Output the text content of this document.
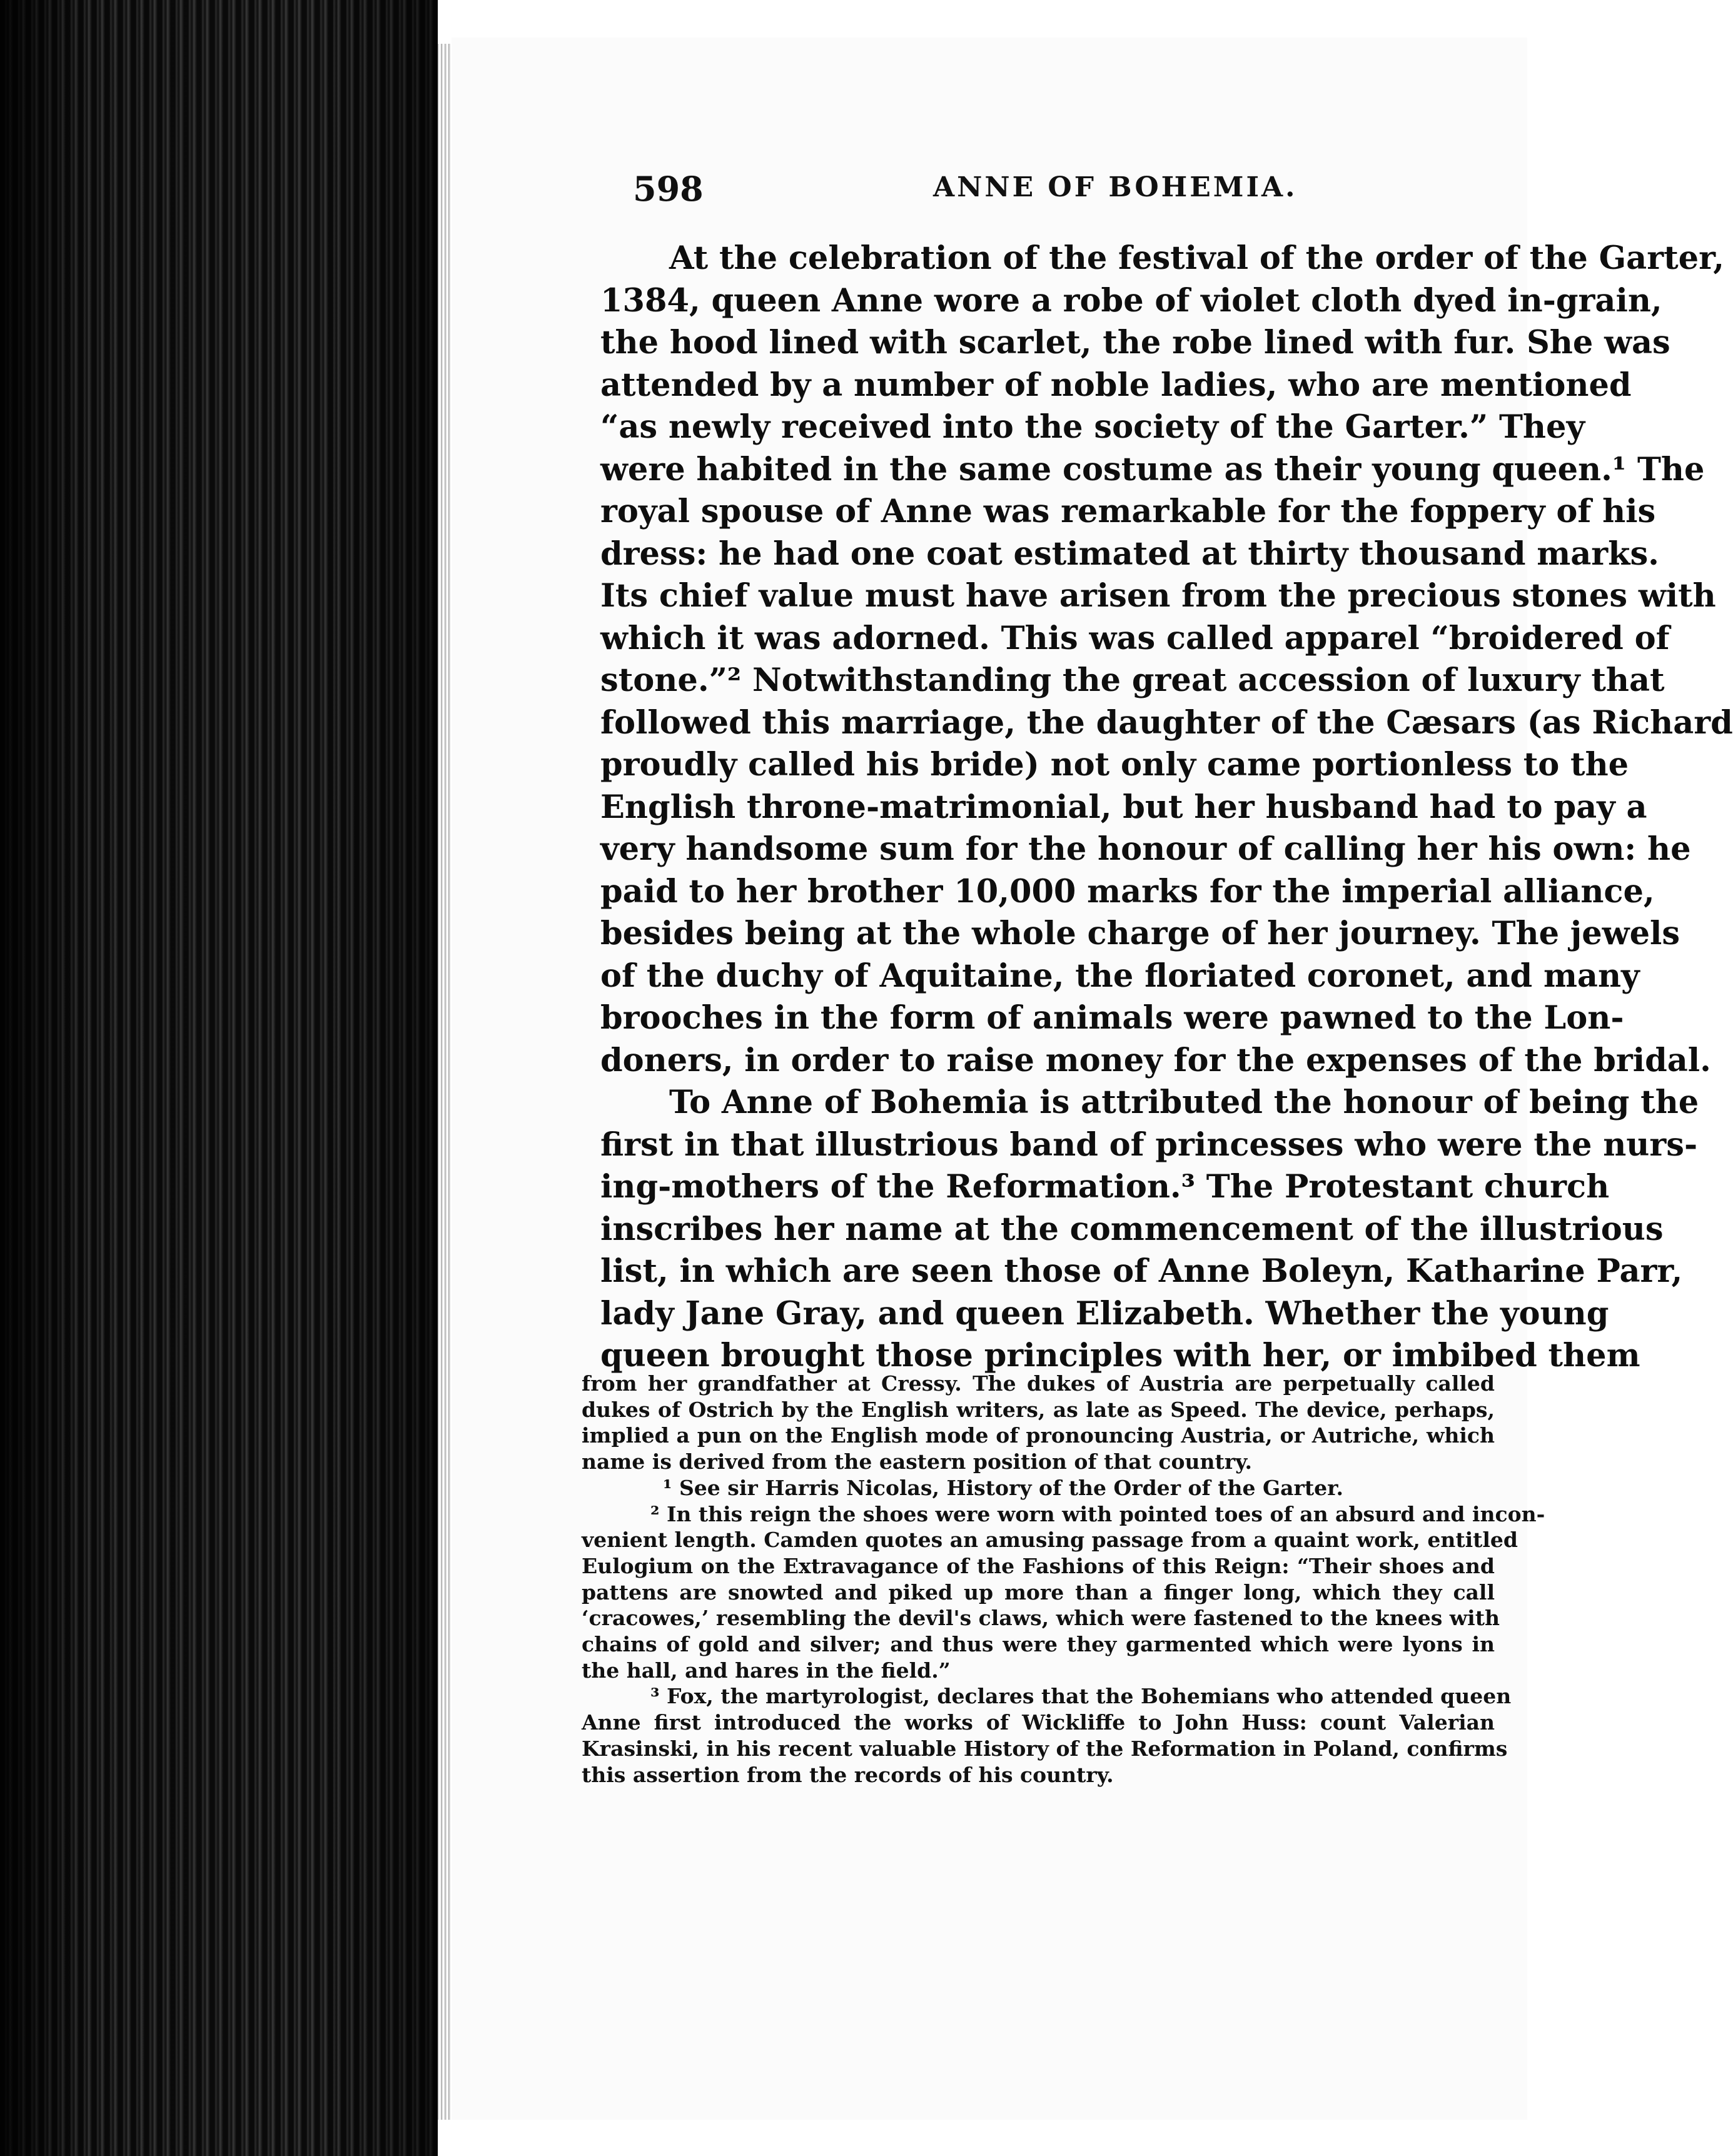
598	ANNE OF BOHEMIA.
At the celebration of the festival of the order of the Garter,
1384, queen Anne wore a robe of violet cloth dyed in-grain,
the hood lined with scarlet, the robe lined with fur. She was
attended by a number of noble ladies, who are mentioned
“as newly received into the society of the Garter.” They
were habited in the same costume as their young queen.¹ The
royal spouse of Anne was remarkable for the foppery of his
dress: he had one coat estimated at thirty thousand marks.
Its chief value must have arisen from the precious stones with
which it was adorned. This was called apparel “broidered of
stone.”² Notwithstanding the great accession of luxury that
followed this marriage, the daughter of the Cæsars (as Richard
proudly called his bride) not only came portionless to the
English throne-matrimonial, but her husband had to pay a
very handsome sum for the honour of calling her his own: he
paid to her brother 10,000 marks for the imperial alliance,
besides being at the whole charge of her journey. The jewels
of the duchy of Aquitaine, the floriated coronet, and many
brooches in the form of animals were pawned to the Lon-
doners, in order to raise money for the expenses of the bridal.
To Anne of Bohemia is attributed the honour of being the
first in that illustrious band of princesses who were the nurs-
ing-mothers of the Reformation.³ The Protestant church
inscribes her name at the commencement of the illustrious
list, in which are seen those of Anne Boleyn, Katharine Parr,
lady Jane Gray, and queen Elizabeth. Whether the young
queen brought those principles with her, or imbibed them
from her grandfather at Cressy. The dukes of Austria are perpetually called
dukes of Ostrich by the English writers, as late as Speed. The device, perhaps,
implied a pun on the English mode of pronouncing Austria, or Autriche, which
name is derived from the eastern position of that country.
¹ See sir Harris Nicolas, History of the Order of the Garter.
² In this reign the shoes were worn with pointed toes of an absurd and incon-
venient length. Camden quotes an amusing passage from a quaint work, entitled
Eulogium on the Extravagance of the Fashions of this Reign: “Their shoes and
pattens are snowted and piked up more than a finger long, which they call
‘cracowes,’ resembling the devil's claws, which were fastened to the knees with
chains of gold and silver; and thus were they garmented which were lyons in
the hall, and hares in the field.”
³ Fox, the martyrologist, declares that the Bohemians who attended queen
Anne first introduced the works of Wickliffe to John Huss: count Valerian
Krasinski, in his recent valuable History of the Reformation in Poland, confirms
this assertion from the records of his country.
